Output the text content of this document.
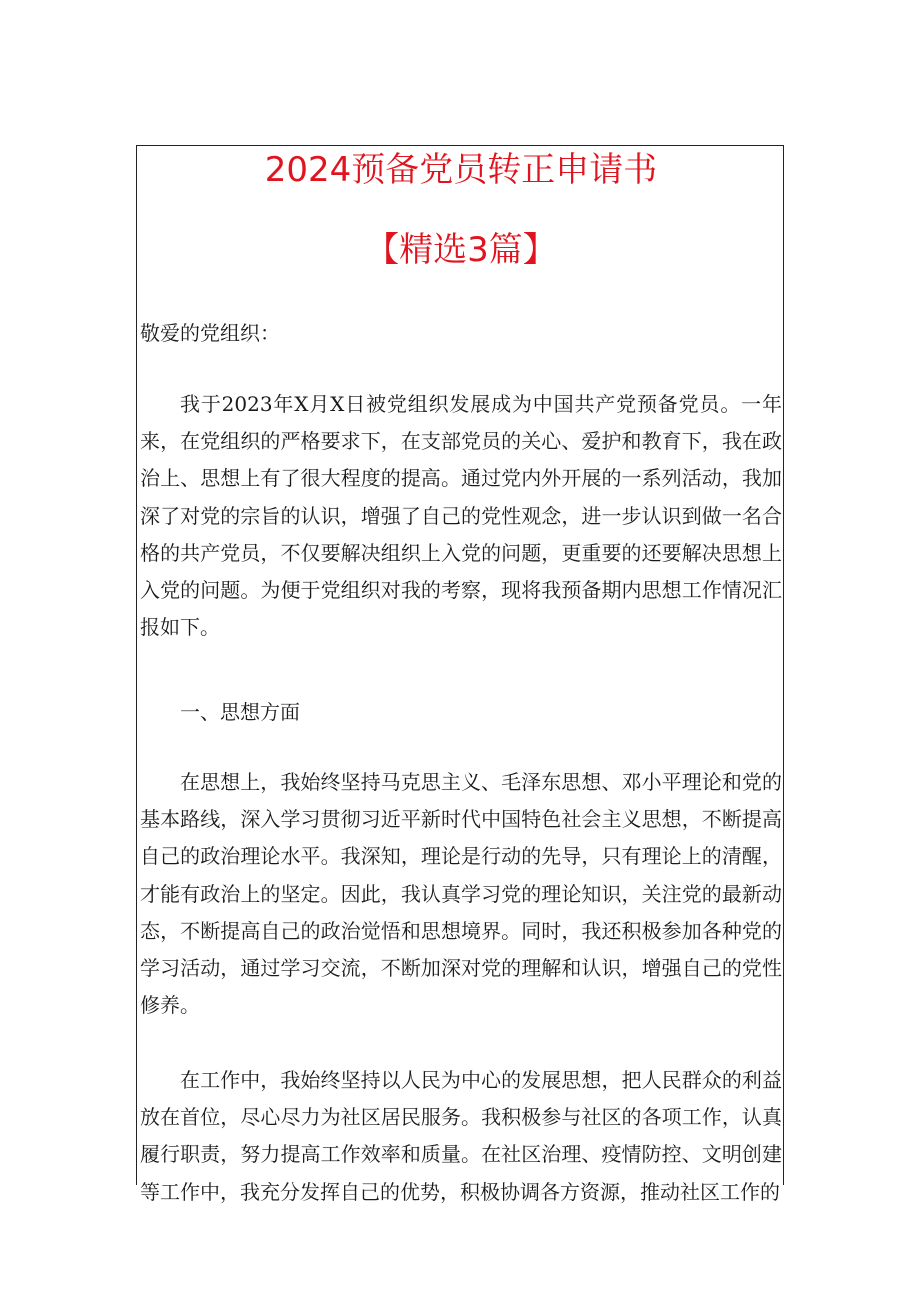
2024预备党员转正申请书
【精选3篇】

敬爱的党组织：

我于2023年X月X日被党组织发展成为中国共产党预备党员。一年来，在党组织的严格要求下，在支部党员的关心、爱护和教育下，我在政治上、思想上有了很大程度的提高。通过党内外开展的一系列活动，我加深了对党的宗旨的认识，增强了自己的党性观念，进一步认识到做一名合格的共产党员，不仅要解决组织上入党的问题，更重要的还要解决思想上入党的问题。为便于党组织对我的考察，现将我预备期内思想工作情况汇报如下。

一、思想方面

在思想上，我始终坚持马克思主义、毛泽东思想、邓小平理论和党的基本路线，深入学习贯彻习近平新时代中国特色社会主义思想，不断提高自己的政治理论水平。我深知，理论是行动的先导，只有理论上的清醒，才能有政治上的坚定。因此，我认真学习党的理论知识，关注党的最新动态，不断提高自己的政治觉悟和思想境界。同时，我还积极参加各种党的学习活动，通过学习交流，不断加深对党的理解和认识，增强自己的党性修养。

在工作中，我始终坚持以人民为中心的发展思想，把人民群众的利益放在首位，尽心尽力为社区居民服务。我积极参与社区的各项工作，认真履行职责，努力提高工作效率和质量。在社区治理、疫情防控、文明创建等工作中，我充分发挥自己的优势，积极协调各方资源，推动社区工作的
